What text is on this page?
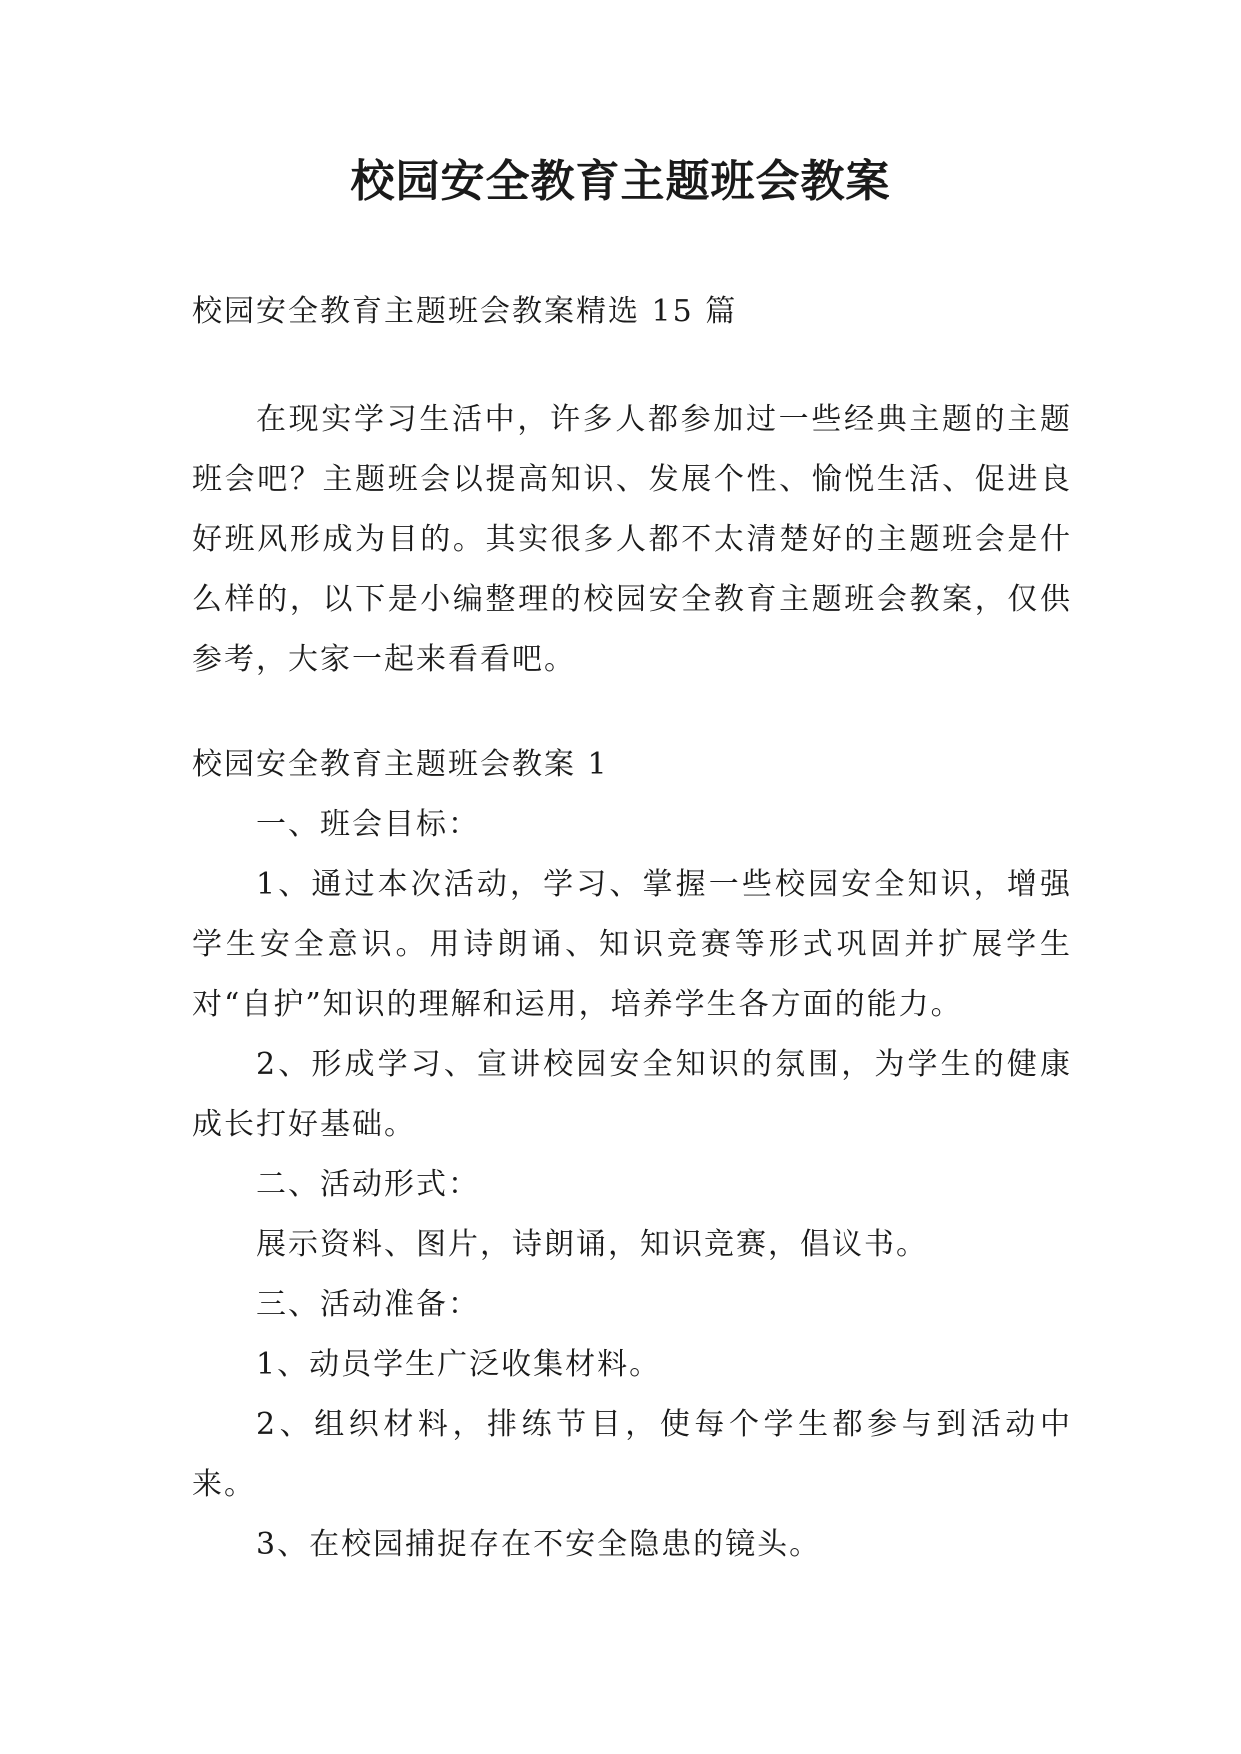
校园安全教育主题班会教案
校园安全教育主题班会教案精选 15 篇
在现实学习生活中，许多人都参加过一些经典主题的主题班会吧？主题班会以提高知识、发展个性、愉悦生活、促进良好班风形成为目的。其实很多人都不太清楚好的主题班会是什么样的，以下是小编整理的校园安全教育主题班会教案，仅供参考，大家一起来看看吧。
校园安全教育主题班会教案 1
一、班会目标：
1、通过本次活动，学习、掌握一些校园安全知识，增强学生安全意识。用诗朗诵、知识竞赛等形式巩固并扩展学生对“自护”知识的理解和运用，培养学生各方面的能力。
2、形成学习、宣讲校园安全知识的氛围，为学生的健康成长打好基础。
二、活动形式：
展示资料、图片，诗朗诵，知识竞赛，倡议书。
三、活动准备：
1、动员学生广泛收集材料。
2、组织材料，排练节目，使每个学生都参与到活动中来。
3、在校园捕捉存在不安全隐患的镜头。
